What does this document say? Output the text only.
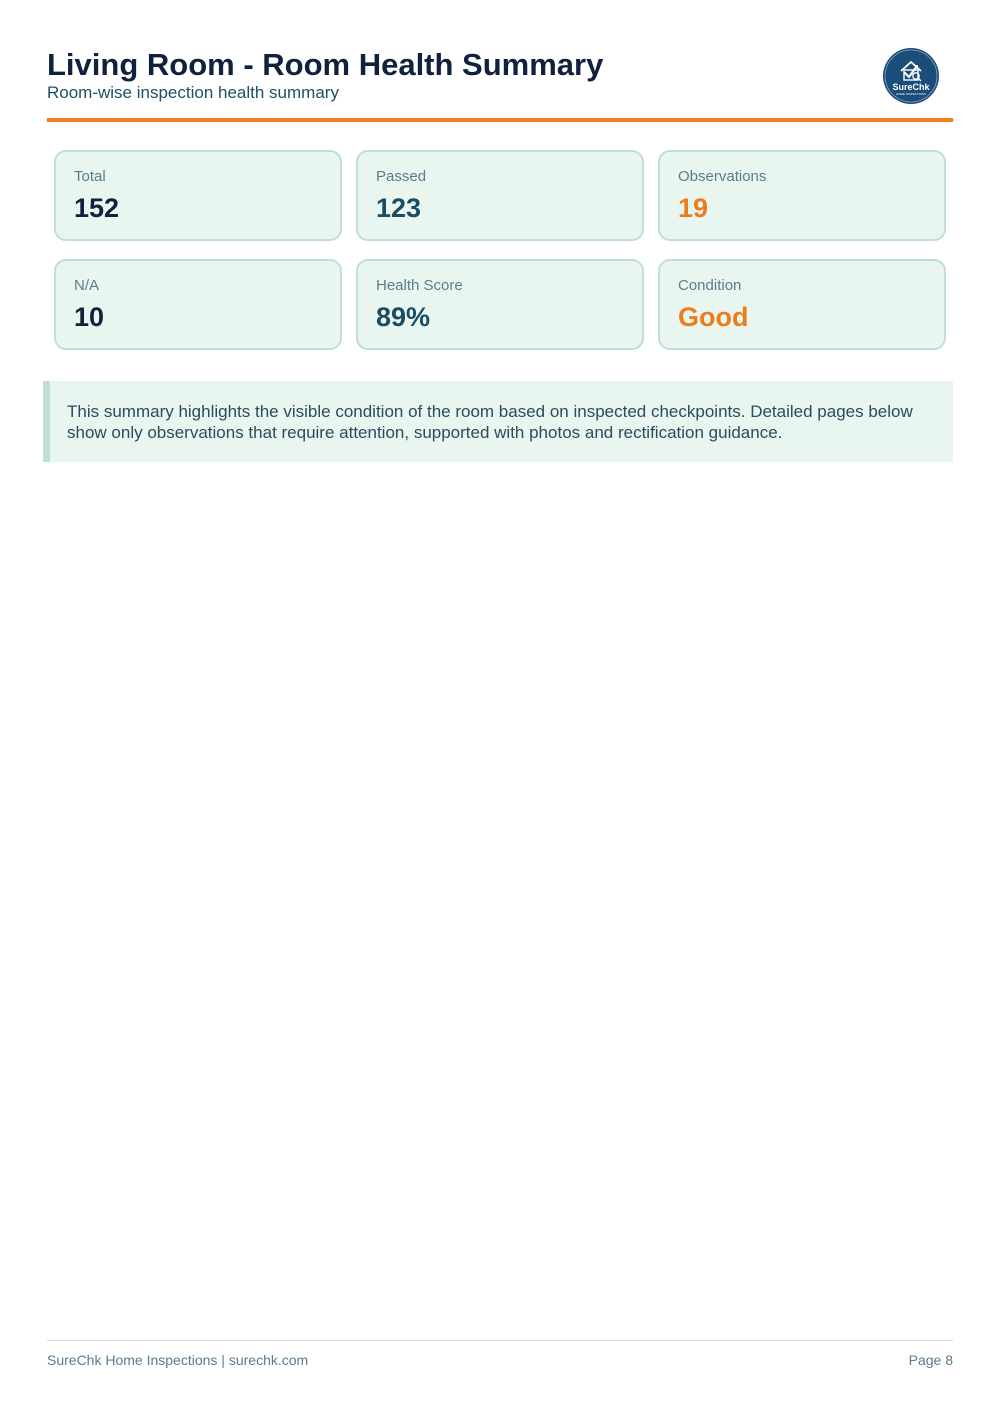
Living Room - Room Health Summary

Room-wise inspection health summary	SureChk
HOME INSPECTIONS
Total
152
Passed
123
Observations
19
N/A
10
Health Score
89%
Condition
Good
This summary highlights the visible condition of the room based on inspected checkpoints. Detailed pages below show only observations that require attention, supported with photos and rectification guidance.
SureChk Home Inspections | surechk.com	Page 8
